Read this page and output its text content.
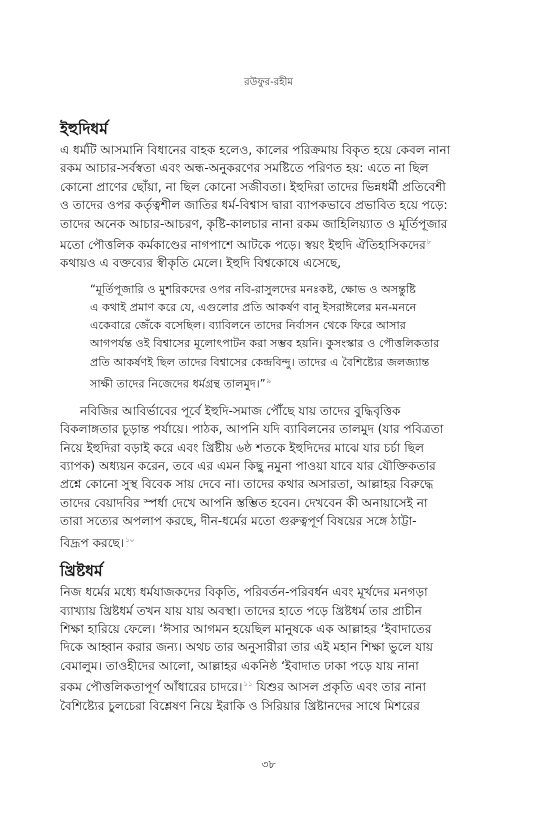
রউফুর-রহীম
ইহুদিধর্ম
এ ধর্মটি আসমানি বিধানের বাহক হলেও, কালের পরিক্রমায় বিকৃত হয়ে কেবল নানা
রকম আচার-সর্বস্বতা এবং অন্ধ-অনুকরণের সমষ্টিতে পরিণত হয়: এতে না ছিল
কোনো প্রাণের ছোঁয়া, না ছিল কোনো সজীবতা। ইহুদিরা তাদের ভিন্নধর্মী প্রতিবেশী
ও তাদের ওপর কর্তৃত্বশীল জাতির ধর্ম-বিশ্বাস দ্বারা ব্যাপকভাবে প্রভাবিত হয়ে পড়ে:
তাদের অনেক আচার-আচরণ, কৃষ্টি-কালচার নানা রকম জাহিলিয়্যাত ও মূর্তিপূজার
মতো পৌত্তলিক কর্মকাণ্ডের নাগপাশে আটকে পড়ে। স্বয়ং ইহুদি ঐতিহাসিকদের$^৮$
কথায়ও এ বক্তব্যের স্বীকৃতি মেলে। ইহুদি বিশ্বকোষে এসেছে,
“মূর্তিপূজারি ও মুশরিকদের ওপর নবি-রাসুলদের মনঃকষ্ট, ক্ষোভ ও অসন্তুষ্টি
এ কথাই প্রমাণ করে যে, এগুলোর প্রতি আকর্ষণ বানু ইসরাঈলের মন-মননে
একেবারে জেঁকে বসেছিল। ব্যাবিলনে তাদের নির্বাসন থেকে ফিরে আসার
আগপর্যন্ত ওই বিশ্বাসের মূলোৎপাটন করা সম্ভব হয়নি। কুসংস্কার ও পৌত্তলিকতার
প্রতি আকর্ষণই ছিল তাদের বিশ্বাসের কেন্দ্রবিন্দু। তাদের এ বৈশিষ্ট্যের জলজ্যান্ত
সাক্ষী তাদের নিজেদের ধর্মগ্রন্থ তালমুদ।”$^৯$
নবিজির আবির্ভাবের পূর্বে ইহুদি-সমাজ পৌঁছে যায় তাদের বুদ্ধিবৃত্তিক
বিকলাঙ্গতার চূড়ান্ত পর্যায়ে। পাঠক, আপনি যদি ব্যাবিলনের তালমুদ (যার পবিত্রতা
নিয়ে ইহুদিরা বড়াই করে এবং খ্রিষ্টীয় ৬ষ্ঠ শতকে ইহুদিদের মাঝে যার চর্চা ছিল
ব্যাপক) অধ্যয়ন করেন, তবে এর এমন কিছু নমুনা পাওয়া যাবে যার যৌক্তিকতার
প্রশ্নে কোনো সুস্থ বিবেক সায় দেবে না। তাদের কথার অসারতা, আল্লাহর বিরুদ্ধে
তাদের বেয়াদবির স্পর্ধা দেখে আপনি স্তম্ভিত হবেন। দেখবেন কী অনায়াসেই না
তারা সত্যের অপলাপ করছে, দীন-ধর্মের মতো গুরুত্বপূর্ণ বিষয়ের সঙ্গে ঠাট্টা-
বিদ্রূপ করছে।$^{১০}$
খ্রিষ্টধর্ম
নিজ ধর্মের মধ্যে ধর্মযাজকদের বিকৃতি, পরিবর্তন-পরিবর্ধন এবং মূর্খদের মনগড়া
ব্যাখ্যায় খ্রিষ্টধর্ম তখন যায় যায় অবস্থা। তাদের হাতে পড়ে খ্রিষ্টধর্ম তার প্রাচীন
শিক্ষা হারিয়ে ফেলে। ‘ঈসার আগমন হয়েছিল মানুষকে এক আল্লাহর ‘ইবাদাতের
দিকে আহ্বান করার জন্য। অথচ তার অনুসারীরা তার এই মহান শিক্ষা ভুলে যায়
বেমালুম। তাওহীদের আলো, আল্লাহর একনিষ্ঠ ‘ইবাদাত ঢাকা পড়ে যায় নানা
রকম পৌত্তলিকতাপূর্ণ আঁধারের চাদরে।$^{১১}$ যিশুর আসল প্রকৃতি এবং তার নানা
বৈশিষ্ট্যের চুলচেরা বিশ্লেষণ নিয়ে ইরাকি ও সিরিয়ার খ্রিষ্টানদের সাথে মিশরের
৩৮
